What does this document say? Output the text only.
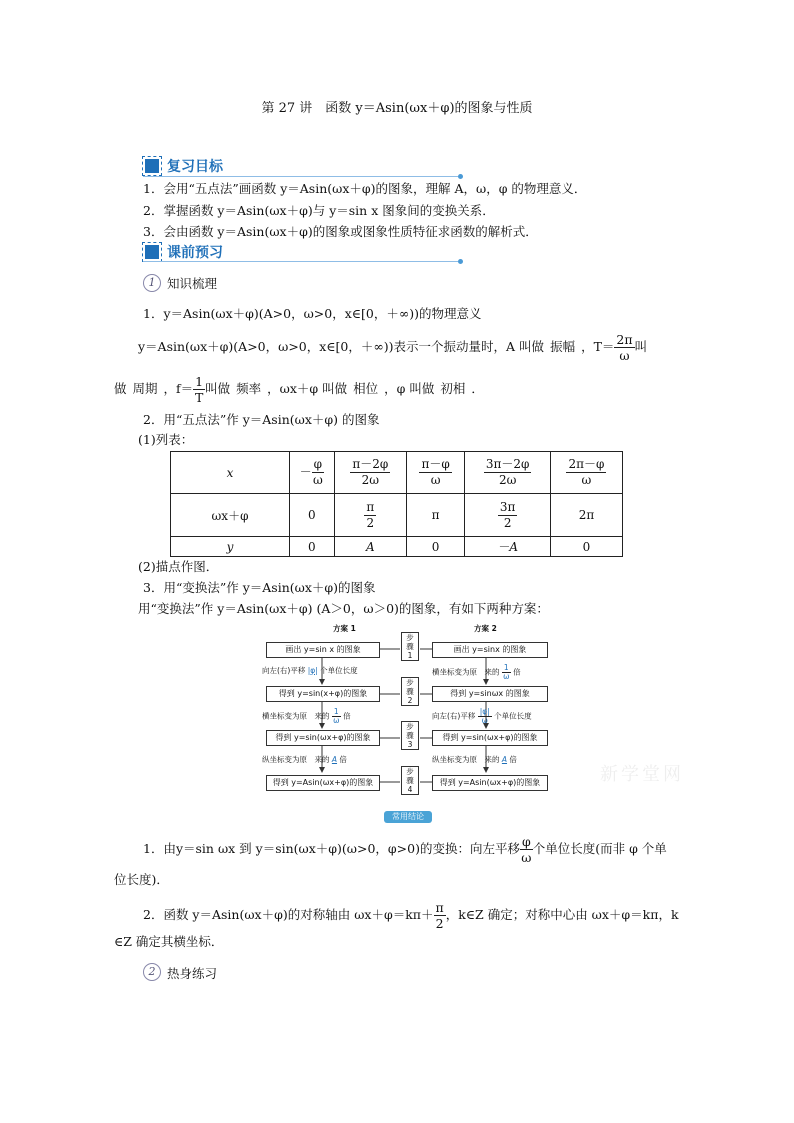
第 27 讲　函数 y＝Asin(ωx＋φ)的图象与性质
复习目标
1．会用“五点法”画函数 y＝Asin(ωx＋φ)的图象，理解 A，ω，φ 的物理意义．
2．掌握函数 y＝Asin(ωx＋φ)与 y＝sin x 图象间的变换关系．
3．会由函数 y＝Asin(ωx＋φ)的图象或图象性质特征求函数的解析式．
课前预习
1 知识梳理
1．y＝Asin(ωx＋φ)(A>0，ω>0，x∈[0，＋∞))的物理意义
y＝Asin(ωx＋φ)(A>0，ω>0，x∈[0，＋∞))表示一个振动量时，A 叫做 振幅 ，$T= \frac{2\pi}{\omega}$ 叫
做 周期 ，$f= \frac{1}{T}$ 叫做 频率 ，ωx＋φ 叫做 相位 ，φ 叫做 初相 ．
2．用“五点法”作 y＝Asin(ωx＋φ) 的图象
(1)列表：
x	－ $\frac{\varphi}{\omega}$	$\frac{\pi-2\varphi}{2\omega}$	$\frac{\pi-\varphi}{\omega}$	$\frac{3\pi-2\varphi}{2\omega}$	$\frac{2\pi-\varphi}{\omega}$

ωx＋φ	0	$\frac{\pi}{2}$	π	$\frac{3\pi}{2}$	2π
y	0	A	0	－A	0
(2)描点作图．
3．用“变换法”作 y＝Asin(ωx＋φ)的图象
用“变换法”作 y＝Asin(ωx＋φ) (A＞0，ω＞0)的图象，有如下两种方案：
方案 1	方案 2
画出 y=sin x 的图象
得到 y=sin(x+φ)的图象
得到 y=sin(ωx+φ)的图象
得到 y=Asin(ωx+φ)的图象
画出 y=sinx 的图象
得到 y=sinωx 的图象
得到 y=sin(ωx+φ)的图象
得到 y=Asin(ωx+φ)的图象
步
骤
1
步
骤
2
步
骤
3
步
骤
4
向左(右)平移 |φ| 个单位长度
横坐标变为原　来的 $\frac{1}{\omega}$ 倍
纵坐标变为原　来的 A 倍
横坐标变为原　来的 $\frac{1}{\omega}$ 倍
向左(右)平移 $\frac{|\varphi|}{\omega}$ 个单位长度
纵坐标变为原　来的 A 倍
常用结论
新学堂网
1．由y＝sin ωx 到 y＝sin(ωx＋φ)(ω>0，φ>0)的变换：向左平移 $\frac{\varphi}{\omega}$ 个单位长度(而非 φ 个单
位长度)．
2．函数 y＝Asin(ωx＋φ)的对称轴由 $\omega x+\varphi=k\pi+ \frac{\pi}{2}$ ，k∈Z 确定；对称中心由 ωx＋φ＝kπ，k
∈Z 确定其横坐标．
2 热身练习
